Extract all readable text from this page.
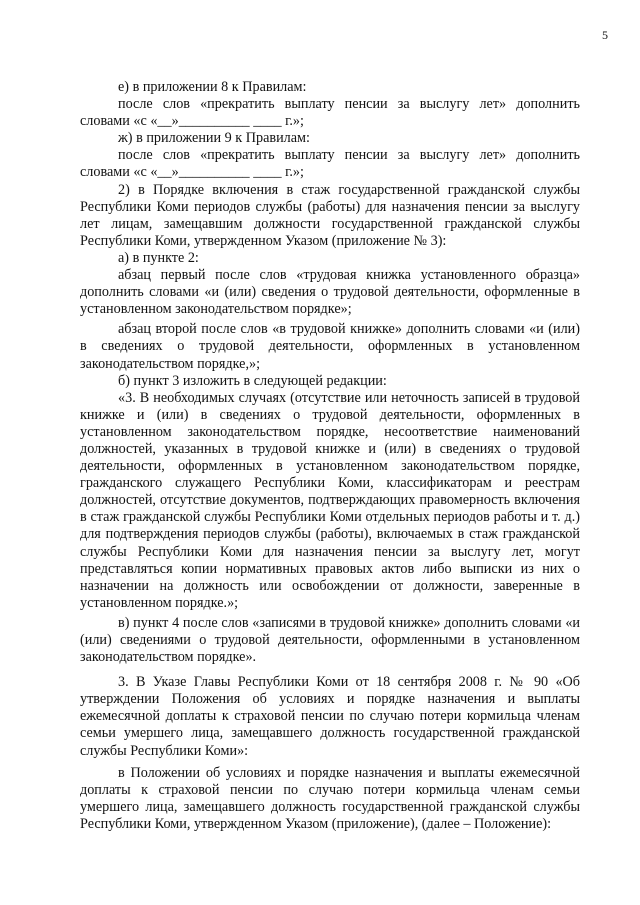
5

е) в приложении 8 к Правилам:

после слов «прекратить выплату пенсии за выслугу лет» дополнить словами «с «__»__________ ____ г.»;

ж) в приложении 9 к Правилам:

после слов «прекратить выплату пенсии за выслугу лет» дополнить словами «с «__»__________ ____ г.»;

2) в Порядке включения в стаж государственной гражданской службы Республики Коми периодов службы (работы) для назначения пенсии за выслугу лет лицам, замещавшим должности государственной гражданской службы Республики Коми, утвержденном Указом (приложение № 3):

а) в пункте 2:

абзац первый после слов «трудовая книжка установленного образца» дополнить словами «и (или) сведения о трудовой деятельности, оформленные в установленном законодательством порядке»;

абзац второй после слов «в трудовой книжке» дополнить словами «и (или) в сведениях о трудовой деятельности, оформленных в установленном законодательством порядке,»;

б) пункт 3 изложить в следующей редакции:

«3. В необходимых случаях (отсутствие или неточность записей в трудовой книжке и (или) в сведениях о трудовой деятельности, оформленных в установленном законодательством порядке, несоответствие наименований должностей, указанных в трудовой книжке и (или) в сведениях о трудовой деятельности, оформленных в установленном законодательством порядке, гражданского служащего Республики Коми, классификаторам и реестрам должностей, отсутствие документов, подтверждающих правомерность включения в стаж гражданской службы Республики Коми отдельных периодов работы и т. д.) для подтверждения периодов службы (работы), включаемых в стаж гражданской службы Республики Коми для назначения пенсии за выслугу лет, могут представляться копии нормативных правовых актов либо выписки из них о назначении на должность или освобождении от должности, заверенные в установленном порядке.»;

в) пункт 4 после слов «записями в трудовой книжке» дополнить словами «и (или) сведениями о трудовой деятельности, оформленными в установленном законодательством порядке».

3. В Указе Главы Республики Коми от 18 сентября 2008 г. № 90 «Об утверждении Положения об условиях и порядке назначения и выплаты ежемесячной доплаты к страховой пенсии по случаю потери кормильца членам семьи умершего лица, замещавшего должность государственной гражданской службы Республики Коми»:

в Положении об условиях и порядке назначения и выплаты ежемесячной доплаты к страховой пенсии по случаю потери кормильца членам семьи умершего лица, замещавшего должность государственной гражданской службы Республики Коми, утвержденном Указом (приложение), (далее – Положение):
